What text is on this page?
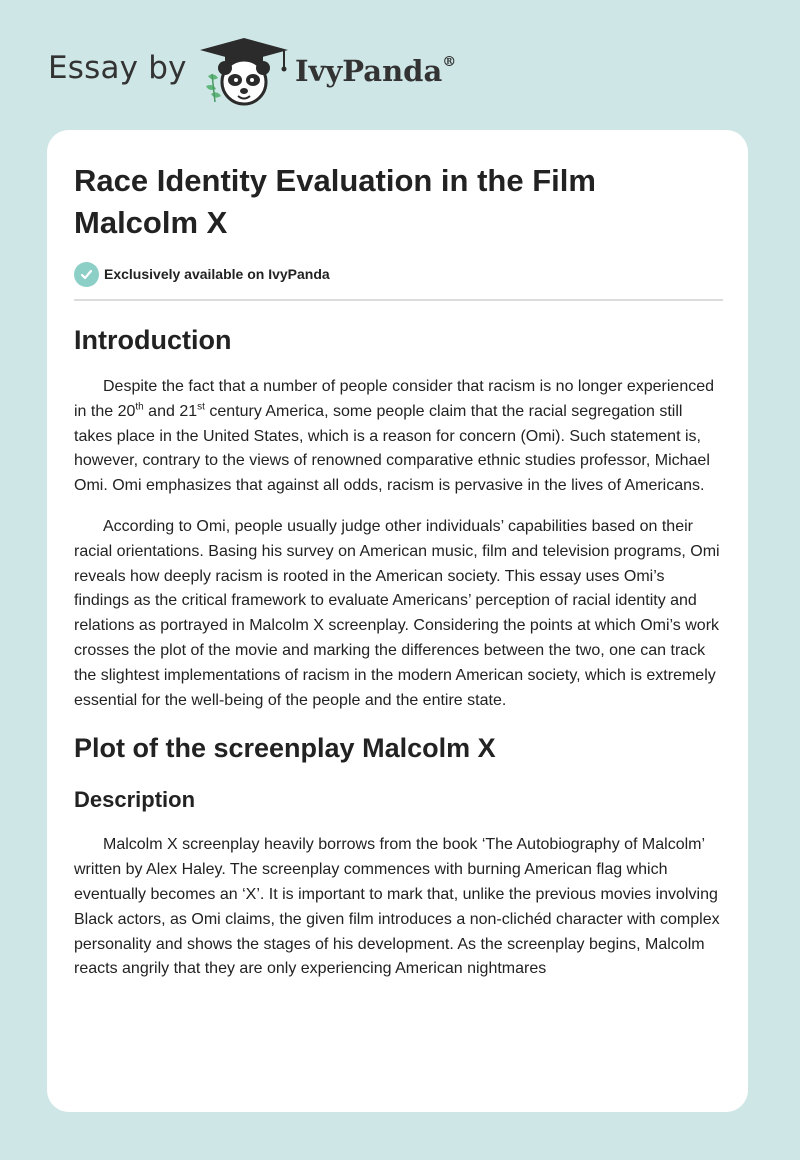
Essay by	IvyPanda®
Race Identity Evaluation in the Film Malcolm X
Exclusively available on IvyPanda
Introduction

Despite the fact that a number of people consider that racism is no longer experienced in the 20th and 21st century America, some people claim that the racial segregation still takes place in the United States, which is a reason for concern (Omi). Such statement is, however, contrary to the views of renowned comparative ethnic studies professor, Michael Omi. Omi emphasizes that against all odds, racism is pervasive in the lives of Americans.

According to Omi, people usually judge other individuals’ capabilities based on their racial orientations. Basing his survey on American music, film and television programs, Omi reveals how deeply racism is rooted in the American society. This essay uses Omi’s findings as the critical framework to evaluate Americans’ perception of racial identity and relations as portrayed in Malcolm X screenplay. Considering the points at which Omi’s work crosses the plot of the movie and marking the differences between the two, one can track the slightest implementations of racism in the modern American society, which is extremely essential for the well-being of the people and the entire state.

Plot of the screenplay Malcolm X
Description

Malcolm X screenplay heavily borrows from the book ‘The Autobiography of Malcolm’ written by Alex Haley. The screenplay commences with burning American flag which eventually becomes an ‘X’. It is important to mark that, unlike the previous movies involving Black actors, as Omi claims, the given film introduces a non-clichéd character with complex personality and shows the stages of his development. As the screenplay begins, Malcolm reacts angrily that they are only experiencing American nightmares
